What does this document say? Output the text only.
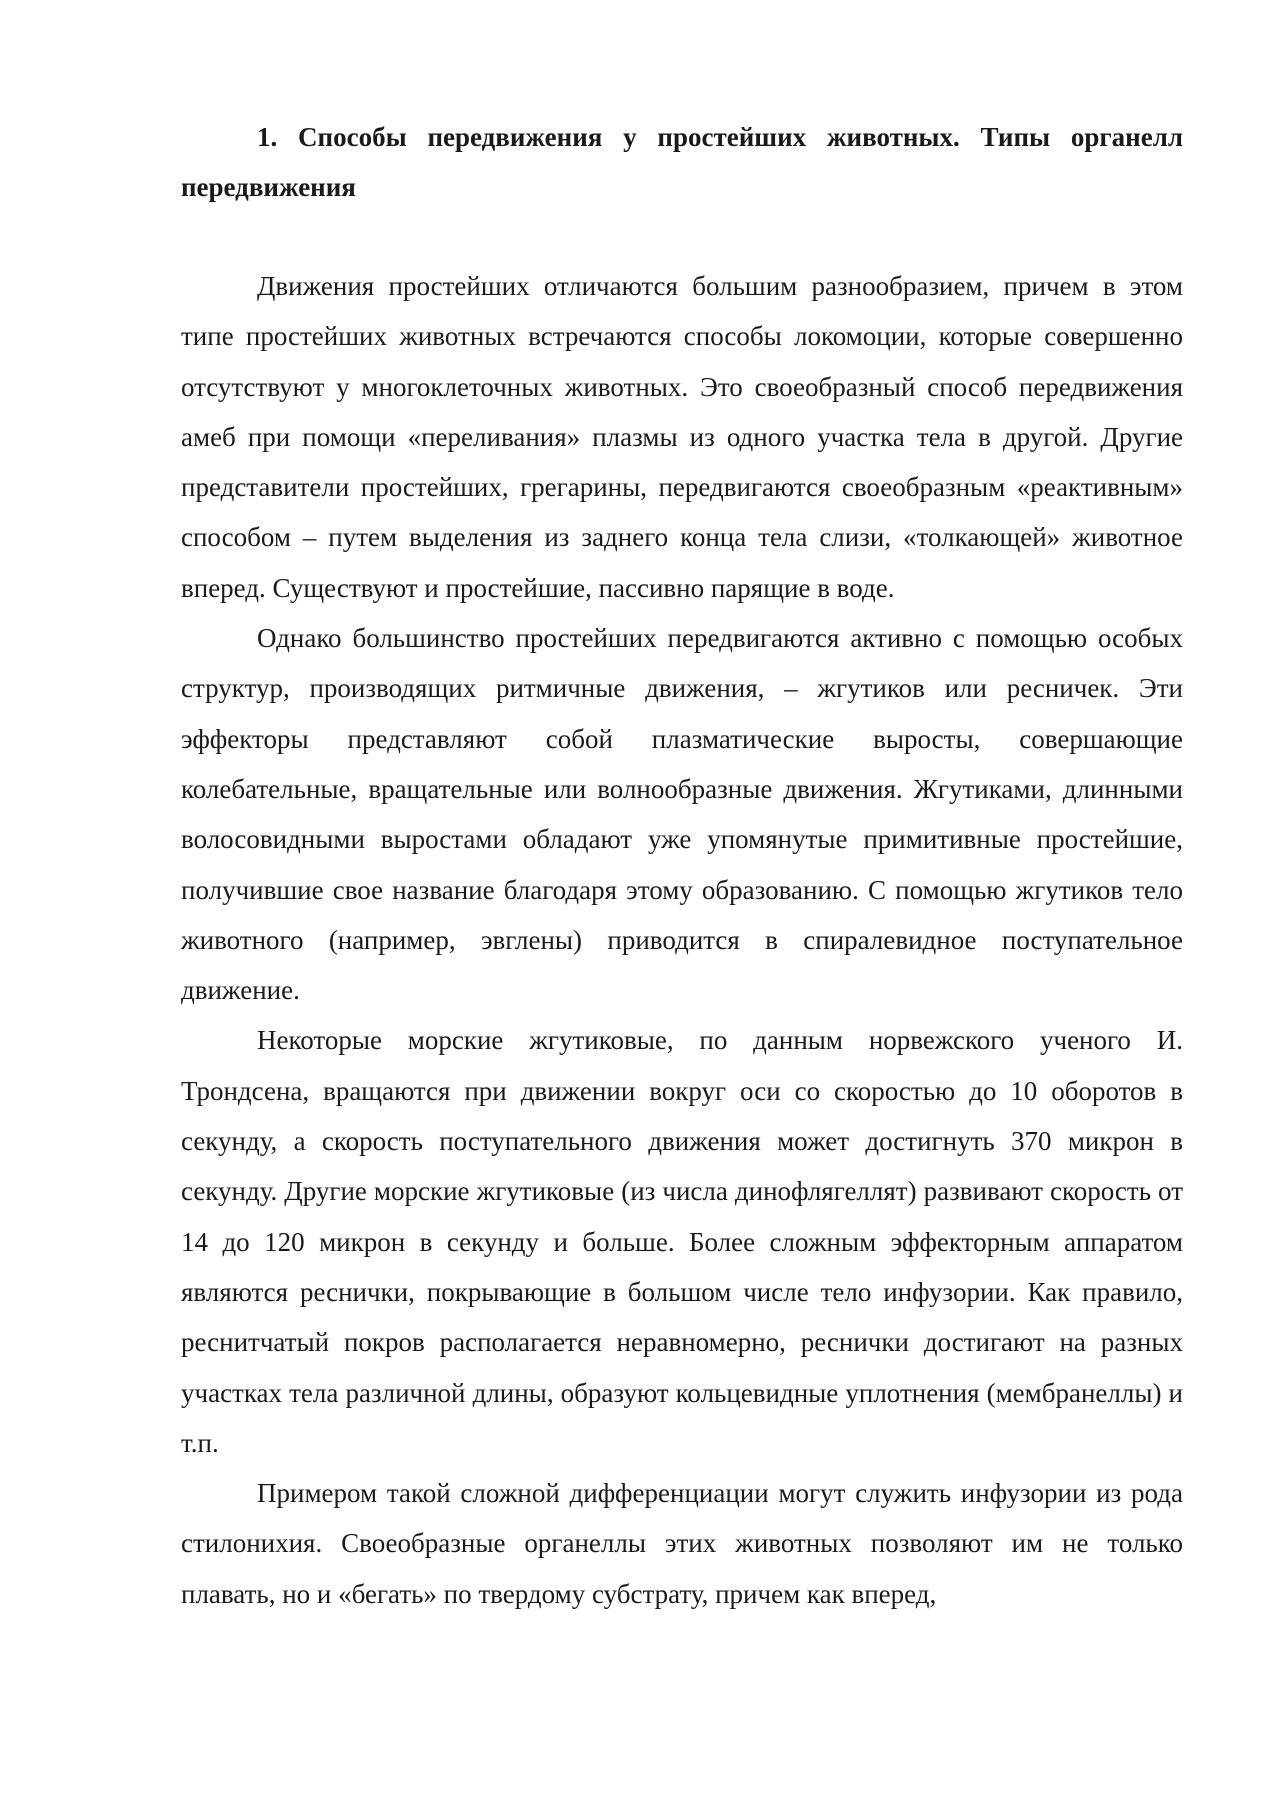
1. Способы передвижения у простейших животных. Типы органелл передвижения

Движения простейших отличаются большим разнообразием, причем в этом типе простейших животных встречаются способы локомоции, которые совершенно отсутствуют у многоклеточных животных. Это своеобразный способ передвижения амеб при помощи «переливания» плазмы из одного участка тела в другой. Другие представители простейших, грегарины, передвигаются своеобразным «реактивным» способом – путем выделения из заднего конца тела слизи, «толкающей» животное вперед. Существуют и простейшие, пассивно парящие в воде.

Однако большинство простейших передвигаются активно с помощью особых структур, производящих ритмичные движения, – жгутиков или ресничек. Эти эффекторы представляют собой плазматические выросты, совершающие колебательные, вращательные или волнообразные движения. Жгутиками, длинными волосовидными выростами обладают уже упомянутые примитивные простейшие, получившие свое название благодаря этому образованию. С помощью жгутиков тело животного (например, эвглены) приводится в спиралевидное поступательное движение.

Некоторые морские жгутиковые, по данным норвежского ученого И. Трондсена, вращаются при движении вокруг оси со скоростью до 10 оборотов в секунду, а скорость поступательного движения может достигнуть 370 микрон в секунду. Другие морские жгутиковые (из числа динофлягеллят) развивают скорость от 14 до 120 микрон в секунду и больше. Более сложным эффекторным аппаратом являются реснички, покрывающие в большом числе тело инфузории. Как правило, реснитчатый покров располагается неравномерно, реснички достигают на разных участках тела различной длины, образуют кольцевидные уплотнения (мембранеллы) и т.п.

Примером такой сложной дифференциации могут служить инфузории из рода стилонихия. Своеобразные органеллы этих животных позволяют им не только плавать, но и «бегать» по твердому субстрату, причем как вперед,
